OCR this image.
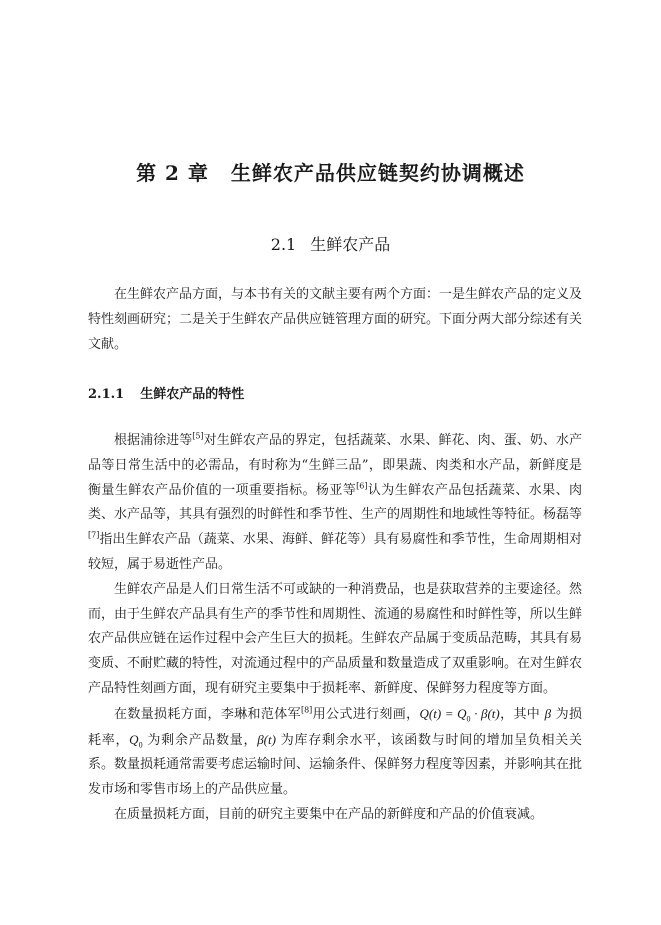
第 2 章 生鲜农产品供应链契约协调概述
2.1 生鲜农产品

在生鲜农产品方面，与本书有关的文献主要有两个方面：一是生鲜农产品的定义及特性刻画研究；二是关于生鲜农产品供应链管理方面的研究。下面分两大部分综述有关文献。

2.1.1 生鲜农产品的特性

根据浦徐进等[5]对生鲜农产品的界定，包括蔬菜、水果、鲜花、肉、蛋、奶、水产品等日常生活中的必需品，有时称为“生鲜三品”，即果蔬、肉类和水产品，新鲜度是衡量生鲜农产品价值的一项重要指标。杨亚等[6]认为生鲜农产品包括蔬菜、水果、肉类、水产品等，其具有强烈的时鲜性和季节性、生产的周期性和地域性等特征。杨磊等[7]指出生鲜农产品（蔬菜、水果、海鲜、鲜花等）具有易腐性和季节性，生命周期相对较短，属于易逝性产品。

生鲜农产品是人们日常生活不可或缺的一种消费品，也是获取营养的主要途径。然而，由于生鲜农产品具有生产的季节性和周期性、流通的易腐性和时鲜性等，所以生鲜农产品供应链在运作过程中会产生巨大的损耗。生鲜农产品属于变质品范畴，其具有易变质、不耐贮藏的特性，对流通过程中的产品质量和数量造成了双重影响。在对生鲜农产品特性刻画方面，现有研究主要集中于损耗率、新鲜度、保鲜努力程度等方面。

在数量损耗方面，李琳和范体军[8]用公式进行刻画，$Q(t) = Q_0 \cdot \beta(t)$，其中 β 为损耗率，$Q_0$ 为剩余产品数量，β(t) 为库存剩余水平，该函数与时间的增加呈负相关关系。数量损耗通常需要考虑运输时间、运输条件、保鲜努力程度等因素，并影响其在批发市场和零售市场上的产品供应量。

在质量损耗方面，目前的研究主要集中在产品的新鲜度和产品的价值衰减。
